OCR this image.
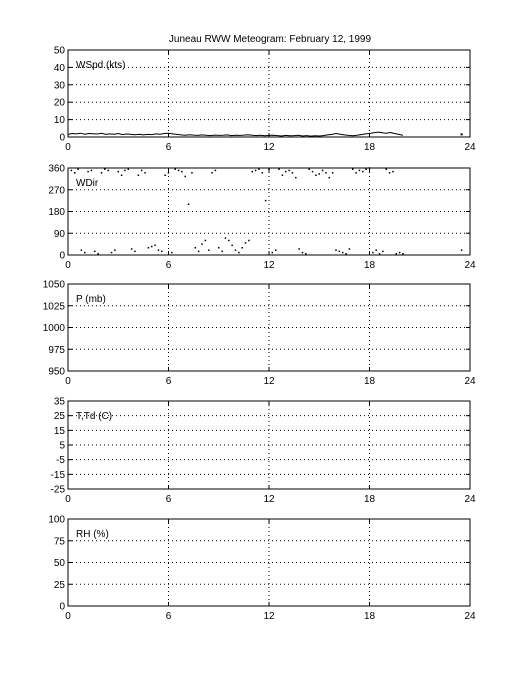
Juneau RWW Meteogram: February 12, 1999
0
10
20
30
40
50
0	6	12	18	24
WSpd (kts)
0
90
180
270
360
0	6	12	18	24
WDir
950
975
1000
1025
1050
0	6	12	18	24
P (mb)
-25
-15
-5
5
15
25
35
0	6	12	18	24
T,Td (C)
0
25
50
75
100
0	6	12	18	24
RH (%)
